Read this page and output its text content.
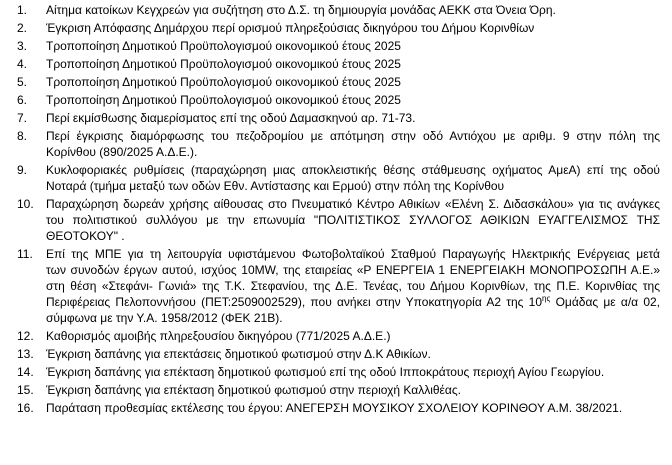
1.	Αίτημα κατοίκων Κεγχρεών για συζήτηση στο Δ.Σ. τη δημιουργία μονάδας ΑΕΚΚ στα Όνεια Όρη.
2.	Έγκριση Απόφασης Δημάρχου περί ορισμού πληρεξούσιας δικηγόρου του Δήμου Κορινθίων
3.	Τροποποίηση Δημοτικού Προϋπολογισμού οικονομικού έτους 2025
4.	Τροποποίηση Δημοτικού Προϋπολογισμού οικονομικού έτους 2025
5.	Τροποποίηση Δημοτικού Προϋπολογισμού οικονομικού έτους 2025
6.	Τροποποίηση Δημοτικού Προϋπολογισμού οικονομικού έτους 2025
7.	Περί εκμίσθωσης διαμερίσματος επί της οδού Δαμασκηνού αρ. 71-73.
8.	Περί έγκρισης διαμόρφωσης του πεζοδρομίου με απότμηση στην οδό Αντιόχου με αριθμ. 9 στην πόλη της
Κορίνθου (890/2025 Α.Δ.Ε.).
9.	Κυκλοφοριακές ρυθμίσεις (παραχώρηση μιας αποκλειστικής θέσης στάθμευσης οχήματος ΑμεΑ) επί της οδού
Νοταρά (τμήμα μεταξύ των οδών Εθν. Αντίστασης και Ερμού) στην πόλη της Κορίνθου
10.	Παραχώρηση δωρεάν χρήσης αίθουσας στο Πνευματικό Κέντρο Αθικίων «Ελένη Σ. Διδασκάλου» για τις ανάγκες
του πολιτιστικού συλλόγου με την επωνυμία "ΠΟΛΙΤΙΣΤΙΚΟΣ ΣΥΛΛΟΓΟΣ ΑΘΙΚΙΩΝ ΕΥΑΓΓΕΛΙΣΜΟΣ ΤΗΣ
ΘΕΟΤΟΚΟΥ" .
11.	Επί της ΜΠΕ για τη λειτουργία υφιστάμενου Φωτοβολταϊκού Σταθμού Παραγωγής Ηλεκτρικής Ενέργειας μετά
των συνοδών έργων αυτού, ισχύος 10MW, της εταιρείας «Ρ ΕΝΕΡΓΕΙΑ 1 ΕΝΕΡΓΕΙΑΚΗ ΜΟΝΟΠΡΟΣΩΠΗ Α.Ε.»
στη θέση «Στεφάνι- Γωνιά» της Τ.Κ. Στεφανίου, της Δ.Ε. Τενέας, του Δήμου Κορινθίων, της Π.Ε. Κορινθίας της
Περιφέρειας Πελοποννήσου (ΠΕΤ:2509002529), που ανήκει στην Υποκατηγορία Α2 της $10^{\eta\varsigma}$ Ομάδας με α/α 02,
σύμφωνα με την Υ.Α. 1958/2012 (ΦΕΚ 21Β).
12.	Καθορισμός αμοιβής πληρεξουσίου δικηγόρου (771/2025 Α.Δ.Ε.)
13.	Έγκριση δαπάνης για επεκτάσεις δημοτικού φωτισμού στην Δ.Κ Αθικίων.
14.	Έγκριση δαπάνης για επέκταση δημοτικού φωτισμού επί της οδού Ιπποκράτους περιοχή Αγίου Γεωργίου.
15.	Έγκριση δαπάνης για επέκταση δημοτικού φωτισμού στην περιοχή Καλλιθέας.
16.	Παράταση προθεσμίας εκτέλεσης του έργου: ΑΝΕΓΕΡΣΗ ΜΟΥΣΙΚΟΥ ΣΧΟΛΕΙΟΥ ΚΟΡΙΝΘΟΥ Α.Μ. 38/2021.
